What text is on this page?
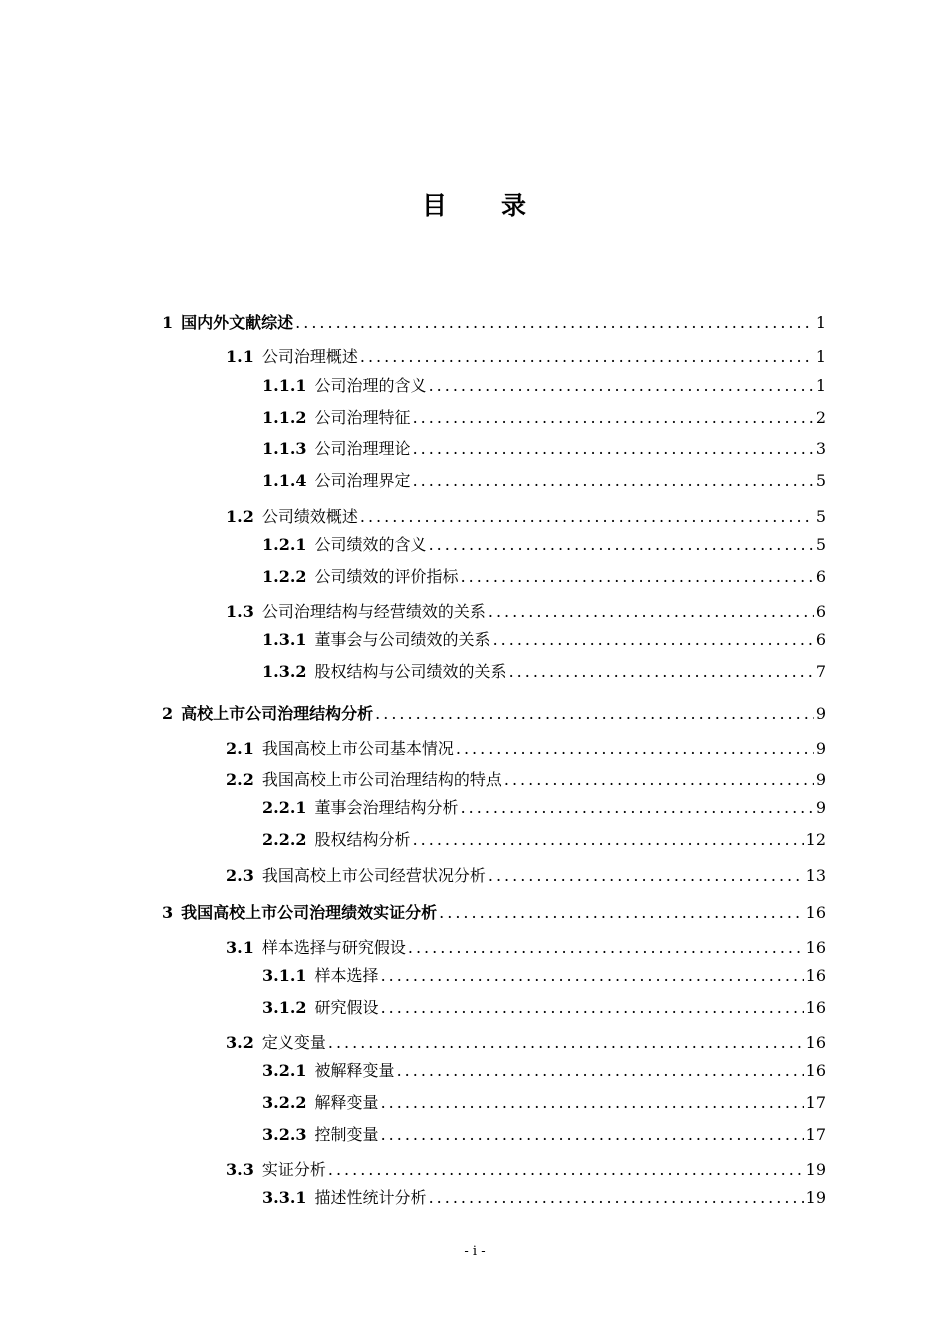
目 录
1 国内外文献综述 .....	1
1.1 公司治理概述 .....	1
1.1.1 公司治理的含义 .....	1
1.1.2 公司治理特征 .....	2
1.1.3 公司治理理论 .....	3
1.1.4 公司治理界定 .....	5
1.2 公司绩效概述 .....	5
1.2.1 公司绩效的含义 .....	5
1.2.2 公司绩效的评价指标 .....	6
1.3 公司治理结构与经营绩效的关系 .....	6
1.3.1 董事会与公司绩效的关系 .....	6
1.3.2 股权结构与公司绩效的关系 .....	7
2 高校上市公司治理结构分析 .....	9
2.1 我国高校上市公司基本情况 .....	9
2.2 我国高校上市公司治理结构的特点 .....	9
2.2.1 董事会治理结构分析 .....	9
2.2.2 股权结构分析 .....	12
2.3 我国高校上市公司经营状况分析 .....	13
3 我国高校上市公司治理绩效实证分析 .....	16
3.1 样本选择与研究假设 .....	16
3.1.1 样本选择 .....	16
3.1.2 研究假设 .....	16
3.2 定义变量 .....	16
3.2.1 被解释变量 .....	16
3.2.2 解释变量 .....	17
3.2.3 控制变量 .....	17
3.3 实证分析 .....	19
3.3.1 描述性统计分析 .....	19
- i -
